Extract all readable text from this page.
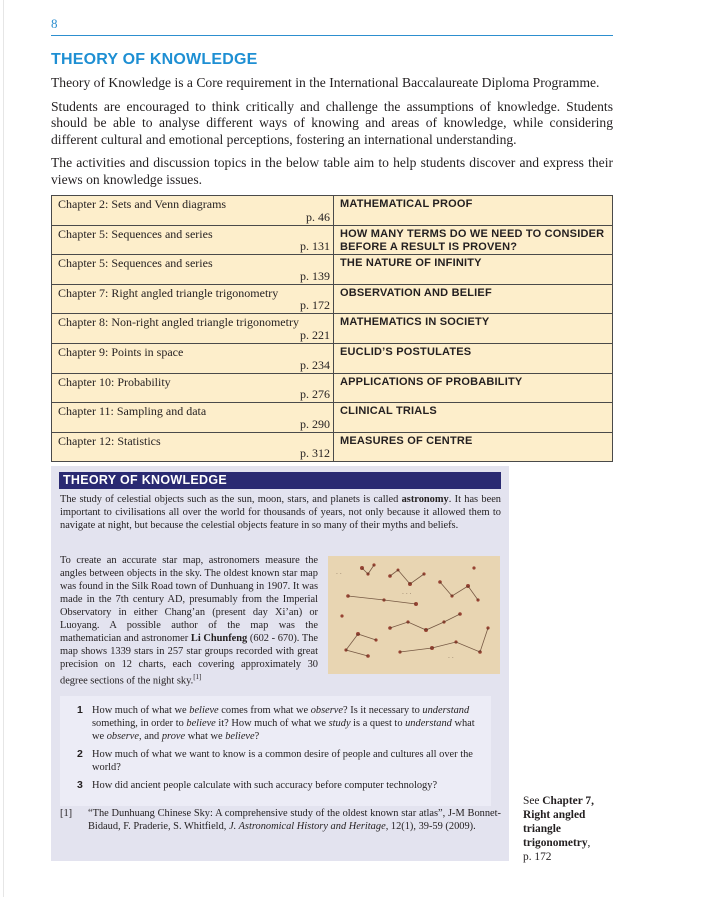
8
THEORY OF KNOWLEDGE

Theory of Knowledge is a Core requirement in the International Baccalaureate Diploma Programme.

Students are encouraged to think critically and challenge the assumptions of knowledge. Students should be able to analyse different ways of knowing and areas of knowledge, while considering different cultural and emotional perceptions, fostering an international understanding.

The activities and discussion topics in the below table aim to help students discover and express their views on knowledge issues.

Chapter 2: Sets and Venn diagrams
p. 46	MATHEMATICAL PROOF

Chapter 5: Sequences and series
p. 131	HOW MANY TERMS DO WE NEED TO CONSIDER BEFORE A RESULT IS PROVEN?

Chapter 5: Sequences and series
p. 139	THE NATURE OF INFINITY

Chapter 7: Right angled triangle trigonometry
p. 172	OBSERVATION AND BELIEF

Chapter 8: Non-right angled triangle trigonometry
p. 221	MATHEMATICS IN SOCIETY

Chapter 9: Points in space
p. 234	EUCLID’S POSTULATES

Chapter 10: Probability
p. 276	APPLICATIONS OF PROBABILITY

Chapter 11: Sampling and data
p. 290	CLINICAL TRIALS

Chapter 12: Statistics
p. 312	MEASURES OF CENTRE
THEORY OF KNOWLEDGE

The study of celestial objects such as the sun, moon, stars, and planets is called astronomy. It has been important to civilisations all over the world for thousands of years, not only because it allowed them to navigate at night, but because the celestial objects feature in so many of their myths and beliefs.

To create an accurate star map, astronomers measure the angles between objects in the sky. The oldest known star map was found in the Silk Road town of Dunhuang in 1907. It was made in the 7th century AD, presumably from the Imperial Observatory in either Chang’an (present day Xi’an) or Luoyang. A possible author of the map was the mathematician and astronomer Li Chunfeng (602 - 670). The map shows 1339 stars in 257 star groups recorded with great precision on 12 charts, each covering approximately 30 degree sections of the night sky.[1]

· · ·
· ·
· ·
1 How much of what we believe comes from what we observe? Is it necessary to understand something, in order to believe it? How much of what we study is a quest to understand what we observe, and prove what we believe?
2 How much of what we want to know is a common desire of people and cultures all over the world?
3 How did ancient people calculate with such accuracy before computer technology?
[1] “The Dunhuang Chinese Sky: A comprehensive study of the oldest known star atlas”, J-M Bonnet-Bidaud, F. Praderie, S. Whitfield, J. Astronomical History and Heritage, 12(1), 39-59 (2009).
See Chapter 7, Right angled triangle trigonometry,
p. 172
